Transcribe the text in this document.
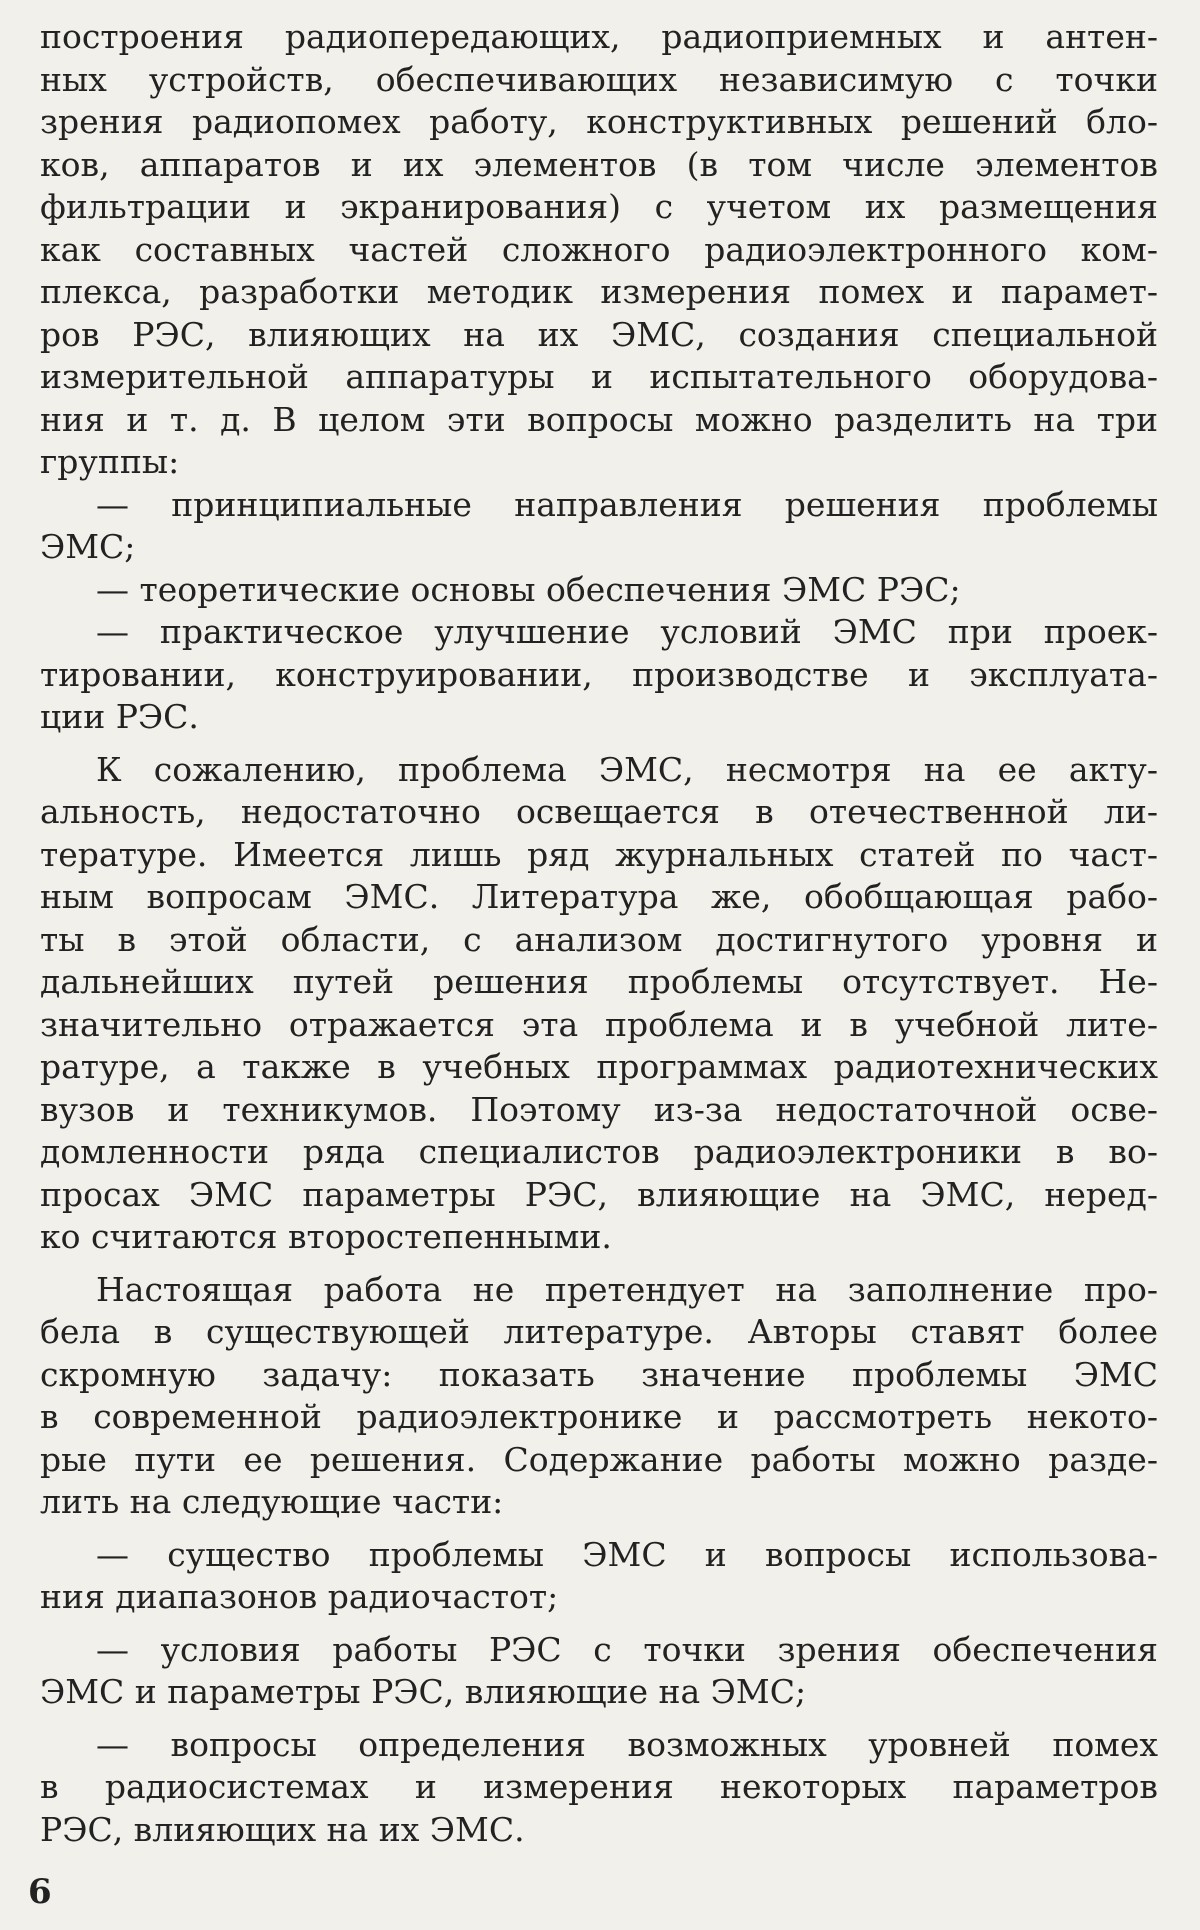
построения радиопередающих, радиоприемных и антен-
ных устройств, обеспечивающих независимую с точки
зрения радиопомех работу, конструктивных решений бло-
ков, аппаратов и их элементов (в том числе элементов
фильтрации и экранирования) с учетом их размещения
как составных частей сложного радиоэлектронного ком-
плекса, разработки методик измерения помех и парамет-
ров РЭС, влияющих на их ЭМС, создания специальной
измерительной аппаратуры и испытательного оборудова-
ния и т. д. В целом эти вопросы можно разделить на три
группы:
— принципиальные направления решения проблемы
ЭМС;
— теоретические основы обеспечения ЭМС РЭС;
— практическое улучшение условий ЭМС при проек-
тировании, конструировании, производстве и эксплуата-
ции РЭС.
К сожалению, проблема ЭМС, несмотря на ее акту-
альность, недостаточно освещается в отечественной ли-
тературе. Имеется лишь ряд журнальных статей по част-
ным вопросам ЭМС. Литература же, обобщающая рабо-
ты в этой области, с анализом достигнутого уровня и
дальнейших путей решения проблемы отсутствует. Не-
значительно отражается эта проблема и в учебной лите-
ратуре, а также в учебных программах радиотехнических
вузов и техникумов. Поэтому из-за недостаточной осве-
домленности ряда специалистов радиоэлектроники в во-
просах ЭМС параметры РЭС, влияющие на ЭМС, неред-
ко считаются второстепенными.
Настоящая работа не претендует на заполнение про-
бела в существующей литературе. Авторы ставят более
скромную задачу: показать значение проблемы ЭМС
в современной радиоэлектронике и рассмотреть некото-
рые пути ее решения. Содержание работы можно разде-
лить на следующие части:
— существо проблемы ЭМС и вопросы использова-
ния диапазонов радиочастот;
— условия работы РЭС с точки зрения обеспечения
ЭМС и параметры РЭС, влияющие на ЭМС;
— вопросы определения возможных уровней помех
в радиосистемах и измерения некоторых параметров
РЭС, влияющих на их ЭМС.
6
